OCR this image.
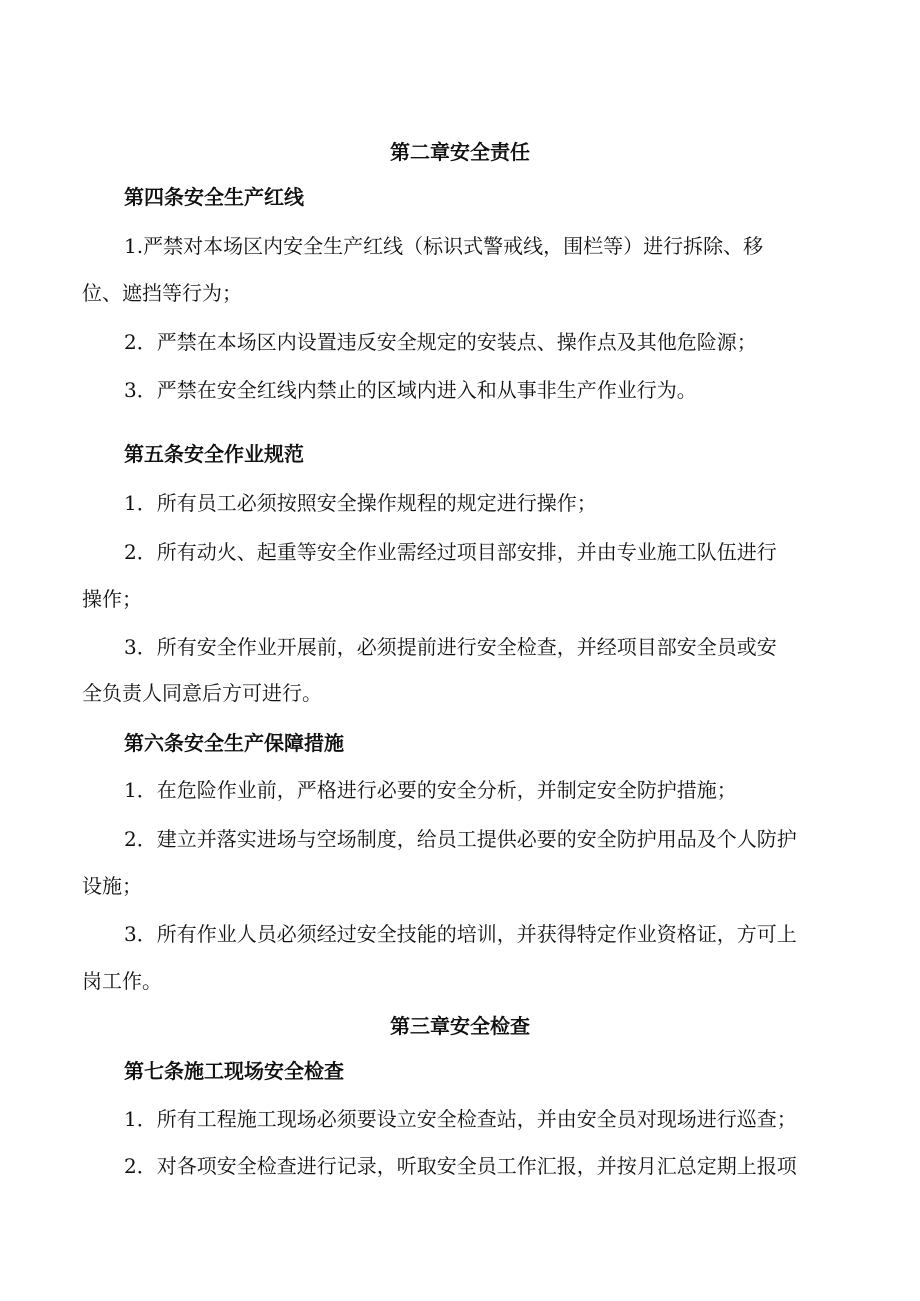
第二章安全责任
第四条安全生产红线
1.严禁对本场区内安全生产红线（标识式警戒线，围栏等）进行拆除、移
位、遮挡等行为；
2．严禁在本场区内设置违反安全规定的安装点、操作点及其他危险源；
3．严禁在安全红线内禁止的区域内进入和从事非生产作业行为。
第五条安全作业规范
1．所有员工必须按照安全操作规程的规定进行操作；
2．所有动火、起重等安全作业需经过项目部安排，并由专业施工队伍进行
操作；
3．所有安全作业开展前，必须提前进行安全检查，并经项目部安全员或安
全负责人同意后方可进行。
第六条安全生产保障措施
1．在危险作业前，严格进行必要的安全分析，并制定安全防护措施；
2．建立并落实进场与空场制度，给员工提供必要的安全防护用品及个人防护
设施；
3．所有作业人员必须经过安全技能的培训，并获得特定作业资格证，方可上
岗工作。
第三章安全检查
第七条施工现场安全检查
1．所有工程施工现场必须要设立安全检查站，并由安全员对现场进行巡查；
2．对各项安全检查进行记录，听取安全员工作汇报，并按月汇总定期上报项
